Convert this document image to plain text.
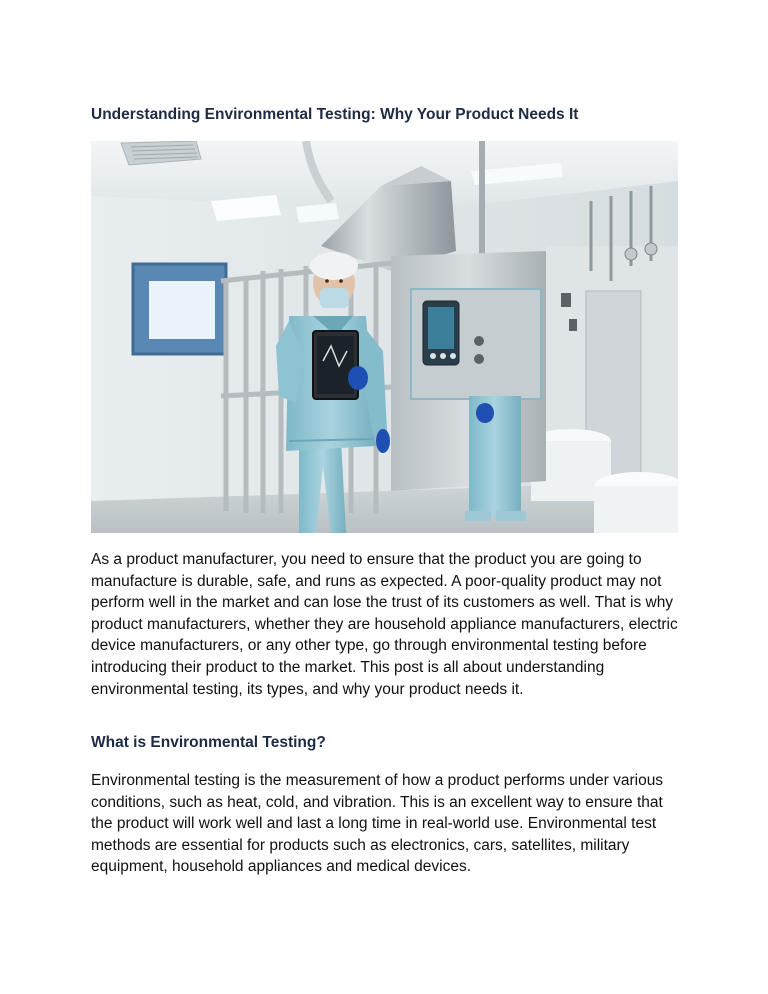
Understanding Environmental Testing: Why Your Product Needs It

As a product manufacturer, you need to ensure that the product you are going to manufacture is durable, safe, and runs as expected. A poor-quality product may not perform well in the market and can lose the trust of its customers as well. That is why product manufacturers, whether they are household appliance manufacturers, electric device manufacturers, or any other type, go through environmental testing before introducing their product to the market. This post is all about understanding environmental testing, its types, and why your product needs it.

What is Environmental Testing?

Environmental testing is the measurement of how a product performs under various conditions, such as heat, cold, and vibration. This is an excellent way to ensure that the product will work well and last a long time in real-world use. Environmental test methods are essential for products such as electronics, cars, satellites, military equipment, household appliances and medical devices.
